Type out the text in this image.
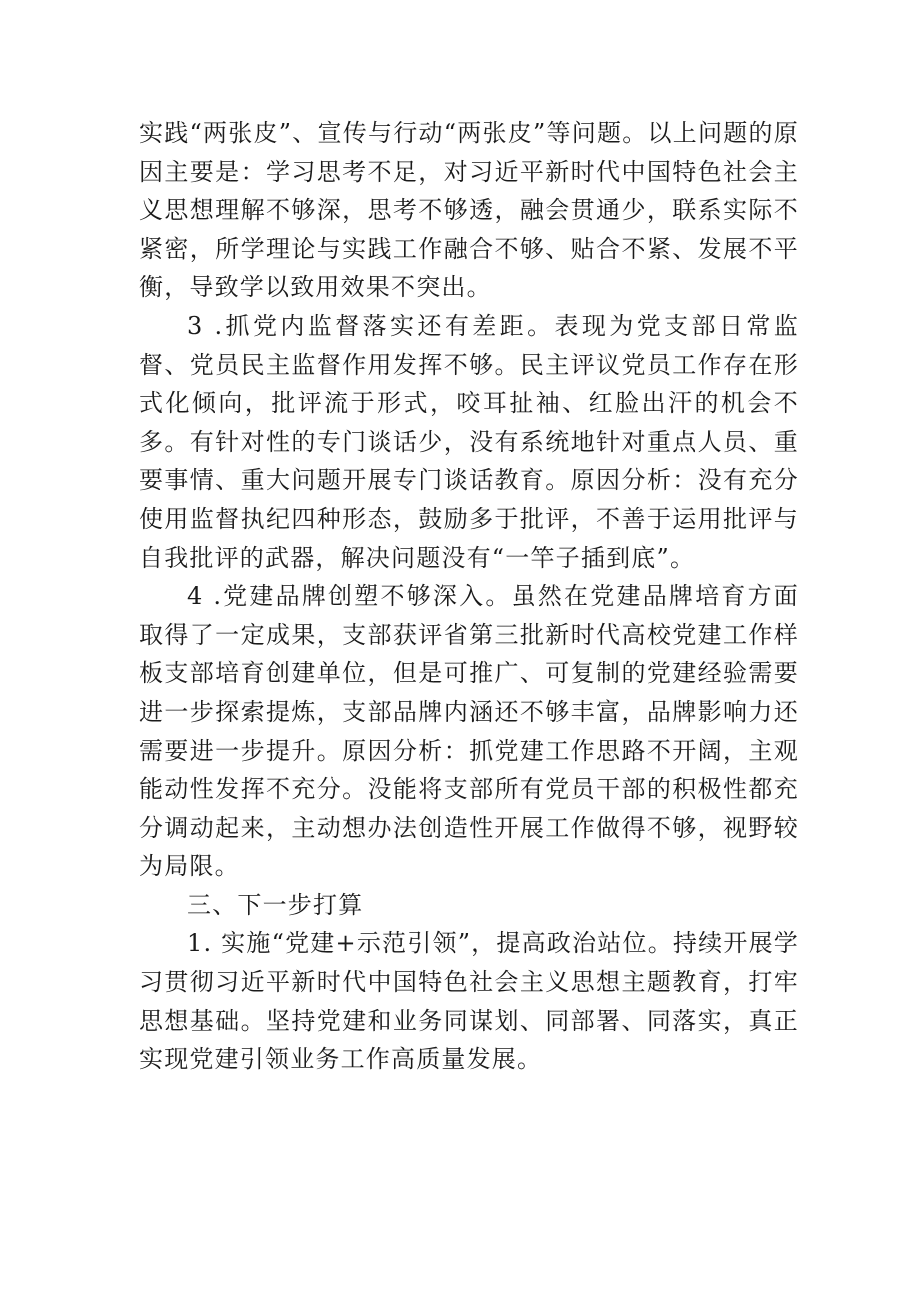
实践“两张皮”、宣传与行动“两张皮”等问题。以上问题的原因主要是：学习思考不足，对习近平新时代中国特色社会主义思想理解不够深，思考不够透，融会贯通少，联系实际不紧密，所学理论与实践工作融合不够、贴合不紧、发展不平衡，导致学以致用效果不突出。

3 .抓党内监督落实还有差距。表现为党支部日常监督、党员民主监督作用发挥不够。民主评议党员工作存在形式化倾向，批评流于形式，咬耳扯袖、红脸出汗的机会不多。有针对性的专门谈话少，没有系统地针对重点人员、重要事情、重大问题开展专门谈话教育。原因分析：没有充分使用监督执纪四种形态，鼓励多于批评，不善于运用批评与自我批评的武器，解决问题没有“一竿子插到底”。

4 .党建品牌创塑不够深入。虽然在党建品牌培育方面取得了一定成果，支部获评省第三批新时代高校党建工作样板支部培育创建单位，但是可推广、可复制的党建经验需要进一步探索提炼，支部品牌内涵还不够丰富，品牌影响力还需要进一步提升。原因分析：抓党建工作思路不开阔，主观能动性发挥不充分。没能将支部所有党员干部的积极性都充分调动起来，主动想办法创造性开展工作做得不够，视野较为局限。

三、下一步打算

1. 实施“党建+示范引领”，提高政治站位。持续开展学习贯彻习近平新时代中国特色社会主义思想主题教育，打牢思想基础。坚持党建和业务同谋划、同部署、同落实，真正实现党建引领业务工作高质量发展。
